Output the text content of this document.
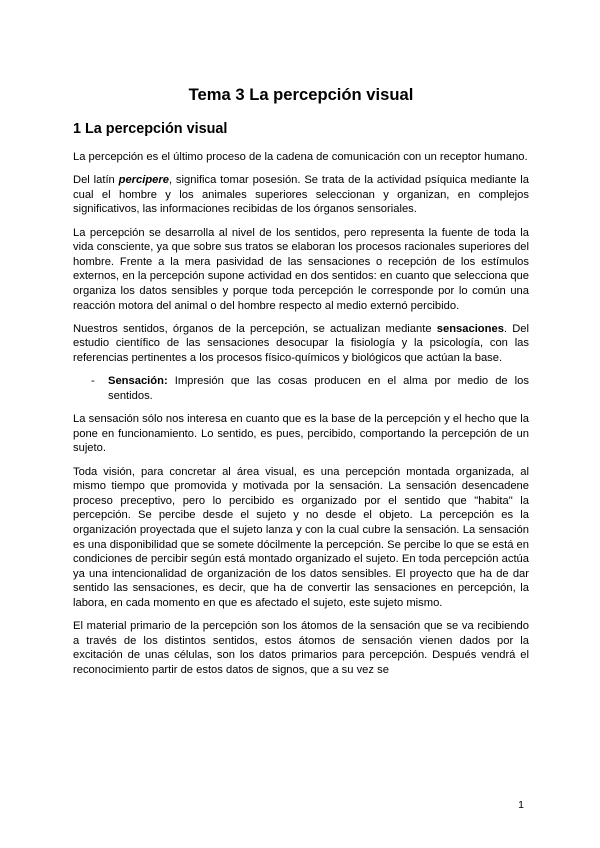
Tema 3 La percepción visual
1 La percepción visual

La percepción es el último proceso de la cadena de comunicación con un receptor humano.

Del latín percipere, significa tomar posesión. Se trata de la actividad psíquica mediante la cual el hombre y los animales superiores seleccionan y organizan, en complejos significativos, las informaciones recibidas de los órganos sensoriales.

La percepción se desarrolla al nivel de los sentidos, pero representa la fuente de toda la vida consciente, ya que sobre sus tratos se elaboran los procesos racionales superiores del hombre. Frente a la mera pasividad de las sensaciones o recepción de los estímulos externos, en la percepción supone actividad en dos sentidos: en cuanto que selecciona que organiza los datos sensibles y porque toda percepción le corresponde por lo común una reacción motora del animal o del hombre respecto al medio externó percibido.

Nuestros sentidos, órganos de la percepción, se actualizan mediante sensaciones. Del estudio científico de las sensaciones desocupar la fisiología y la psicología, con las referencias pertinentes a los procesos físico-químicos y biológicos que actúan la base.

- Sensación: Impresión que las cosas producen en el alma por medio de los sentidos.

La sensación sólo nos interesa en cuanto que es la base de la percepción y el hecho que la pone en funcionamiento. Lo sentido, es pues, percibido, comportando la percepción de un sujeto.

Toda visión, para concretar al área visual, es una percepción montada organizada, al mismo tiempo que promovida y motivada por la sensación. La sensación desencadene proceso preceptivo, pero lo percibido es organizado por el sentido que "habita" la percepción. Se percibe desde el sujeto y no desde el objeto. La percepción es la organización proyectada que el sujeto lanza y con la cual cubre la sensación. La sensación es una disponibilidad que se somete dócilmente la percepción. Se percibe lo que se está en condiciones de percibir según está montado organizado el sujeto. En toda percepción actúa ya una intencionalidad de organización de los datos sensibles. El proyecto que ha de dar sentido las sensaciones, es decir, que ha de convertir las sensaciones en percepción, la labora, en cada momento en que es afectado el sujeto, este sujeto mismo.

El material primario de la percepción son los átomos de la sensación que se va recibiendo a través de los distintos sentidos, estos átomos de sensación vienen dados por la excitación de unas células, son los datos primarios para percepción. Después vendrá el reconocimiento partir de estos datos de signos, que a su vez se

1
